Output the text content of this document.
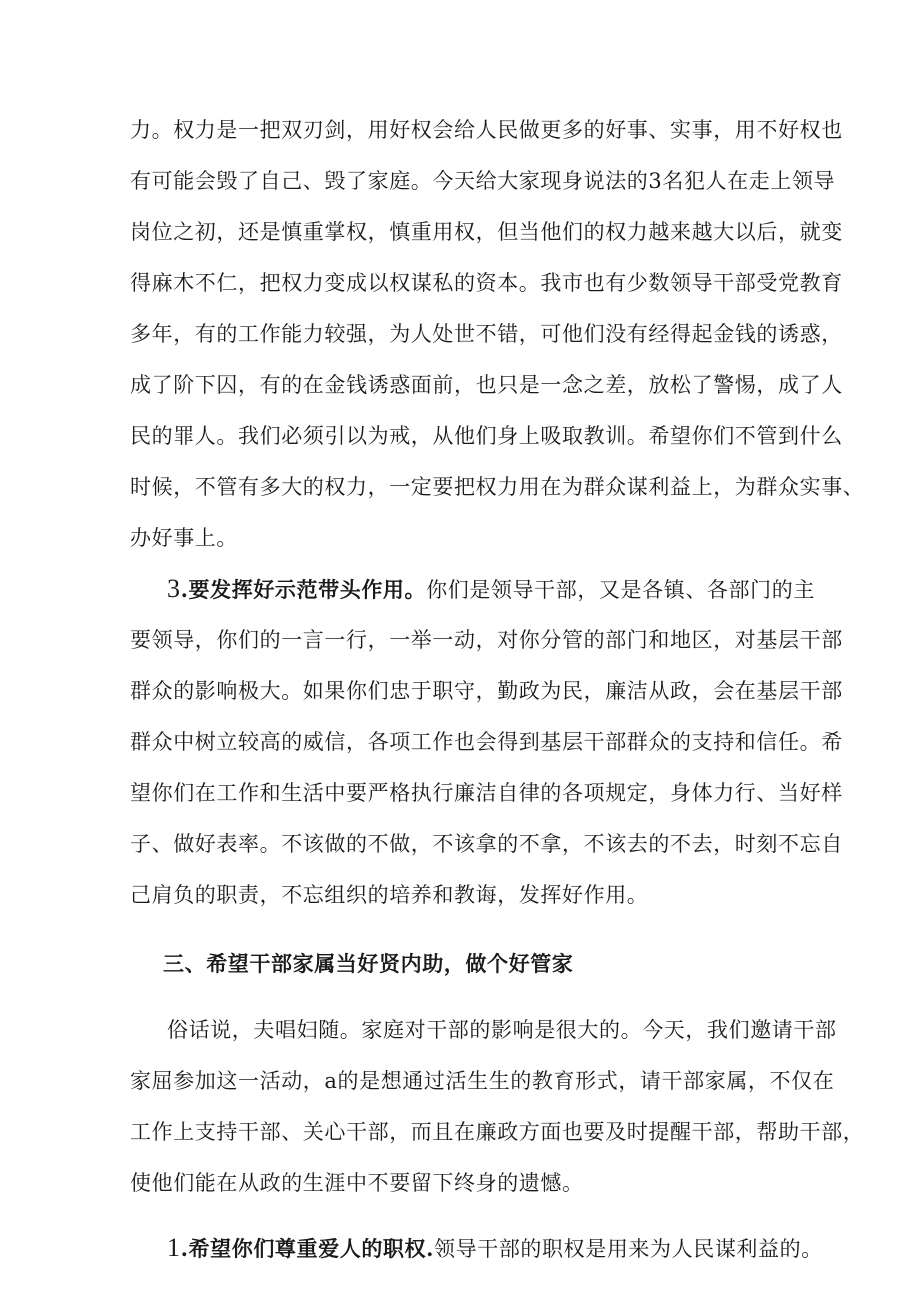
力。权力是一把双刃剑，用好权会给人民做更多的好事、实事，用不好权也
有可能会毁了自己、毁了家庭。今天给大家现身说法的3名犯人在走上领导
岗位之初，还是慎重掌权，慎重用权，但当他们的权力越来越大以后，就变
得麻木不仁，把权力变成以权谋私的资本。我市也有少数领导干部受党教育
多年，有的工作能力较强，为人处世不错，可他们没有经得起金钱的诱惑，
成了阶下囚，有的在金钱诱惑面前，也只是一念之差，放松了警惕，成了人
民的罪人。我们必须引以为戒，从他们身上吸取教训。希望你们不管到什么
时候，不管有多大的权力，一定要把权力用在为群众谋利益上，为群众实事、
办好事上。
3.要发挥好示范带头作用。你们是领导干部，又是各镇、各部门的主
要领导，你们的一言一行，一举一动，对你分管的部门和地区，对基层干部
群众的影响极大。如果你们忠于职守，勤政为民，廉洁从政，会在基层干部
群众中树立较高的威信，各项工作也会得到基层干部群众的支持和信任。希
望你们在工作和生活中要严格执行廉洁自律的各项规定，身体力行、当好样
子、做好表率。不该做的不做，不该拿的不拿，不该去的不去，时刻不忘自
己肩负的职责，不忘组织的培养和教诲，发挥好作用。
三、希望干部家属当好贤内助，做个好管家
俗话说，夫唱妇随。家庭对干部的影响是很大的。今天，我们邀请干部
家屈参加这一活动，a的是想通过活生生的教育形式，请干部家属，不仅在
工作上支持干部、关心干部，而且在廉政方面也要及时提醒干部，帮助干部，
使他们能在从政的生涯中不要留下终身的遗憾。
1.希望你们尊重爱人的职权.领导干部的职权是用来为人民谋利益的。
